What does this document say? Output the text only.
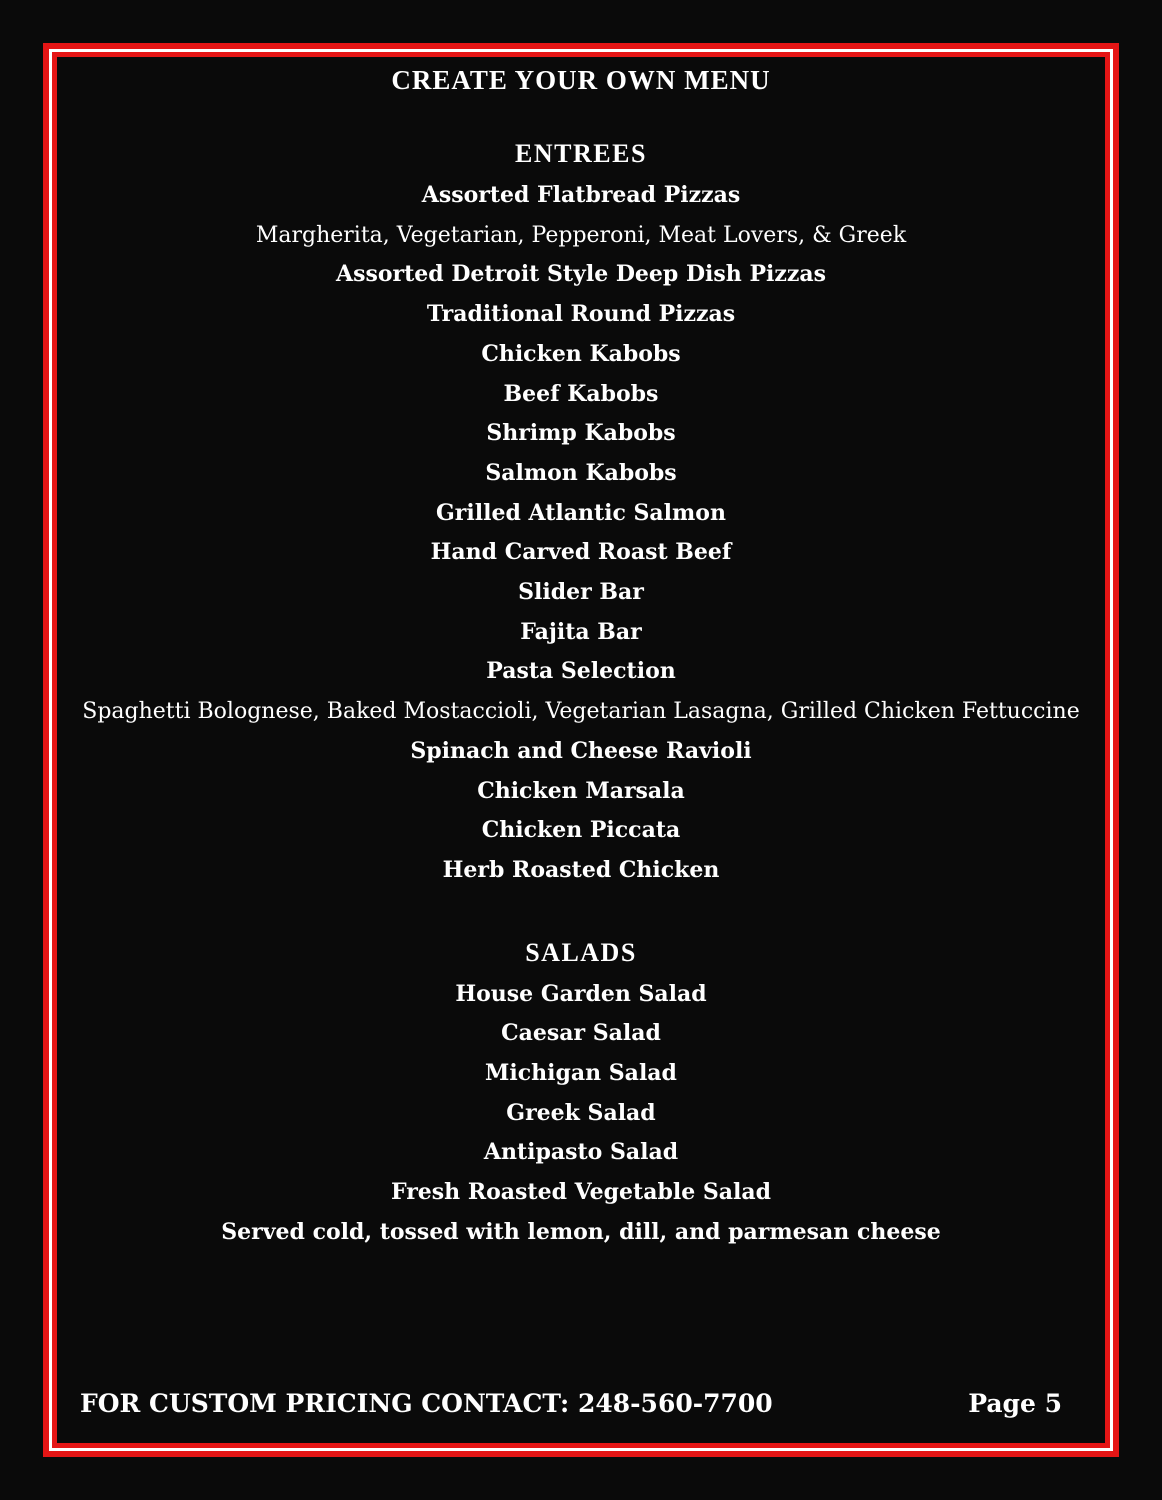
CREATE YOUR OWN MENU
ENTREES
Assorted Flatbread Pizzas
Margherita, Vegetarian, Pepperoni, Meat Lovers, & Greek
Assorted Detroit Style Deep Dish Pizzas
Traditional Round Pizzas
Chicken Kabobs
Beef Kabobs
Shrimp Kabobs
Salmon Kabobs
Grilled Atlantic Salmon
Hand Carved Roast Beef
Slider Bar
Fajita Bar
Pasta Selection
Spaghetti Bolognese, Baked Mostaccioli, Vegetarian Lasagna, Grilled Chicken Fettuccine
Spinach and Cheese Ravioli
Chicken Marsala
Chicken Piccata
Herb Roasted Chicken
SALADS
House Garden Salad
Caesar Salad
Michigan Salad
Greek Salad
Antipasto Salad
Fresh Roasted Vegetable Salad
Served cold, tossed with lemon, dill, and parmesan cheese
FOR CUSTOM PRICING CONTACT: 248-560-7700	Page 5
